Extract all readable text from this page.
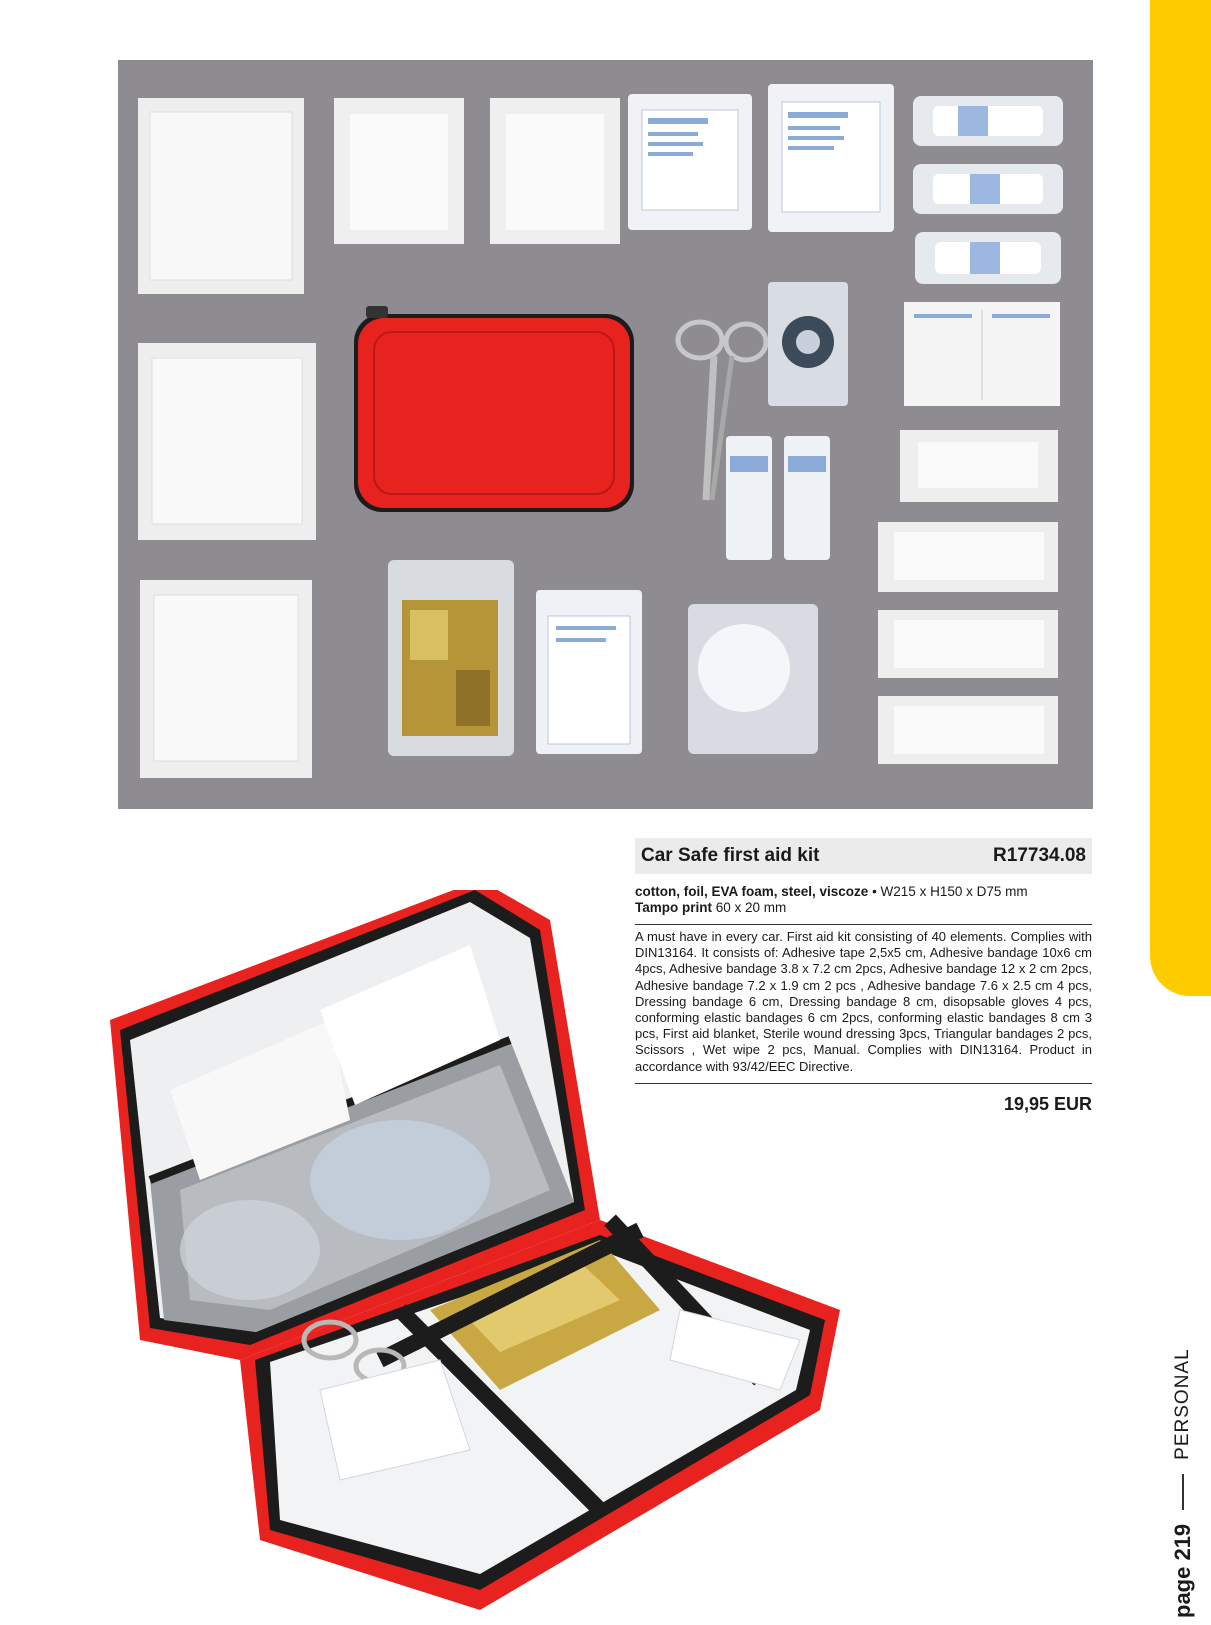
Car Safe first aid kit	R17734.08
cotton, foil, EVA foam, steel, viscoze • W215 x H150 x D75 mm
Tampo print 60 x 20 mm

A must have in every car. First aid kit consisting of 40 elements. Complies with DIN13164. It consists of: Adhesive tape 2,5x5 cm, Adhesive bandage 10x6 cm 4pcs, Adhesive bandage 3.8 x 7.2 cm 2pcs, Adhesive bandage 12 x 2 cm 2pcs, Adhesive bandage 7.2 x 1.9 cm 2 pcs , Adhesive bandage 7.6 x 2.5 cm 4 pcs, Dressing bandage 6 cm, Dressing bandage 8 cm, disopsable gloves 4 pcs, conforming elastic bandages 6 cm 2pcs, conforming elastic bandages 8 cm 3 pcs, First aid blanket, Sterile wound dressing 3pcs, Triangular bandages 2 pcs, Scissors , Wet wipe 2 pcs, Manual. Complies with DIN13164. Product in accordance with 93/42/EEC Directive.

19,95 EUR
page 219
PERSONAL
